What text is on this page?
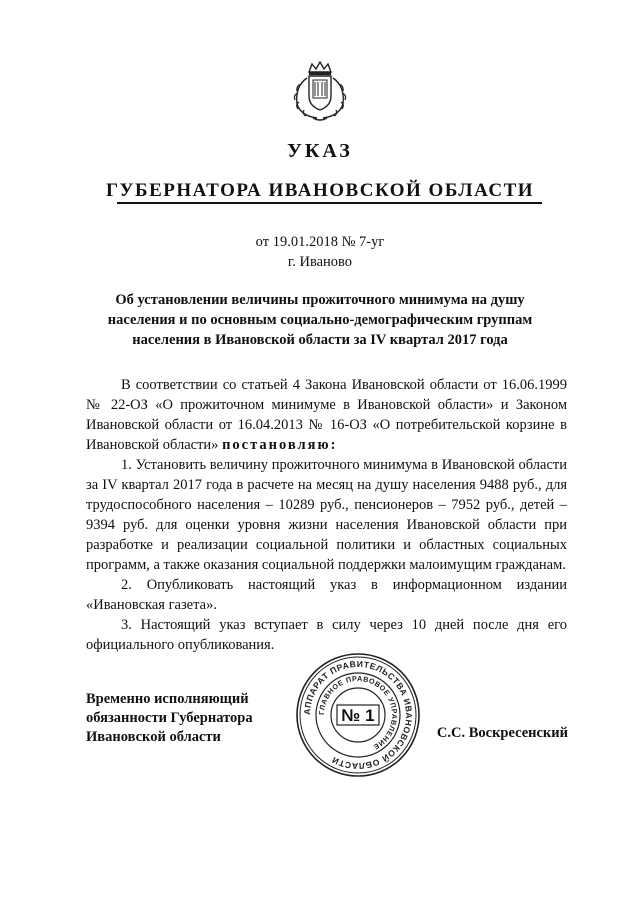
УКАЗ
ГУБЕРНАТОРА ИВАНОВСКОЙ ОБЛАСТИ
от 19.01.2018 № 7-уг
г. Иваново
Об установлении величины прожиточного минимума на душу населения и по основным социально-демографическим группам населения в Ивановской области за IV квартал 2017 года

В соответствии со статьей 4 Закона Ивановской области от 16.06.1999 № 22-ОЗ «О прожиточном минимуме в Ивановской области» и Законом Ивановской области от 16.04.2013 № 16-ОЗ «О потребительской корзине в Ивановской области» постановляю:

1. Установить величину прожиточного минимума в Ивановской области за IV квартал 2017 года в расчете на месяц на душу населения 9488 руб., для трудоспособного населения – 10289 руб., пенсионеров – 7952 руб., детей – 9394 руб. для оценки уровня жизни населения Ивановской области при разработке и реализации социальной политики и областных социальных программ, а также оказания социальной поддержки малоимущим гражданам.

2. Опубликовать настоящий указ в информационном издании «Ивановская газета».

3. Настоящий указ вступает в силу через 10 дней после дня его официального опубликования.

Временно исполняющий
обязанности Губернатора
Ивановской области
АППАРАТ ПРАВИТЕЛЬСТВА ИВАНОВСКОЙ ОБЛАСТИ
ГЛАВНОЕ ПРАВОВОЕ УПРАВЛЕНИЕ
№ 1
С.С. Воскресенский
